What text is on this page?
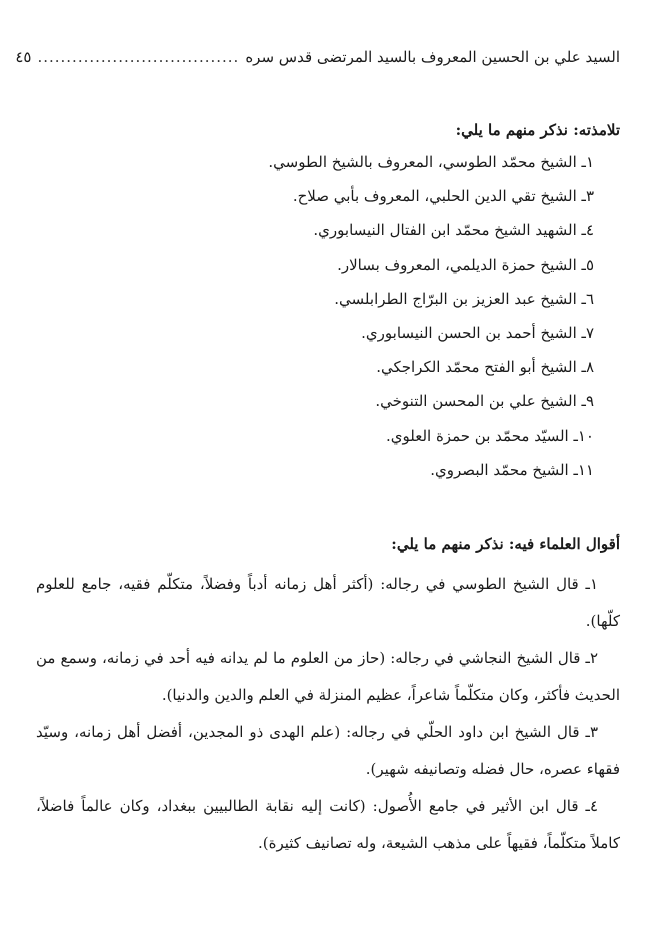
السيد علي بن الحسين المعروف بالسيد المرتضى قدس سره
...................................
٤٥
تلامذته: نذكر منهم ما يلي:
١ـ الشيخ محمّد الطوسي، المعروف بالشيخ الطوسي.
٣ـ الشيخ تقي الدين الحلبي، المعروف بأبي صلاح.
٤ـ الشهيد الشيخ محمّد ابن الفتال النيسابوري.
٥ـ الشيخ حمزة الديلمي، المعروف بسالار.
٦ـ الشيخ عبد العزيز بن البرّاج الطرابلسي.
٧ـ الشيخ أحمد بن الحسن النيسابوري.
٨ـ الشيخ أبو الفتح محمّد الكراجكي.
٩ـ الشيخ علي بن المحسن التنوخي.
١٠ـ السيّد محمّد بن حمزة العلوي.
١١ـ الشيخ محمّد البصروي.
أقوال العلماء فيه: نذكر منهم ما يلي:

١ـ قال الشيخ الطوسي في رجاله: (أكثر أهل زمانه أدباً وفضلاً، متكلّم فقيه، جامع للعلوم كلّها).

٢ـ قال الشيخ النجاشي في رجاله: (حاز من العلوم ما لم يدانه فيه أحد في زمانه، وسمع من الحديث فأكثر، وكان متكلّماً شاعراً، عظيم المنزلة في العلم والدين والدنيا).

٣ـ قال الشيخ ابن داود الحلّي في رجاله: (علم الهدى ذو المجدين، أفضل أهل زمانه، وسيّد فقهاء عصره، حال فضله وتصانيفه شهير).

٤ـ قال ابن الأثير في جامع الأُصول: (كانت إليه نقابة الطالبيين ببغداد، وكان عالماً فاضلاً، كاملاً متكلّماً، فقيهاً على مذهب الشيعة، وله تصانيف كثيرة).
